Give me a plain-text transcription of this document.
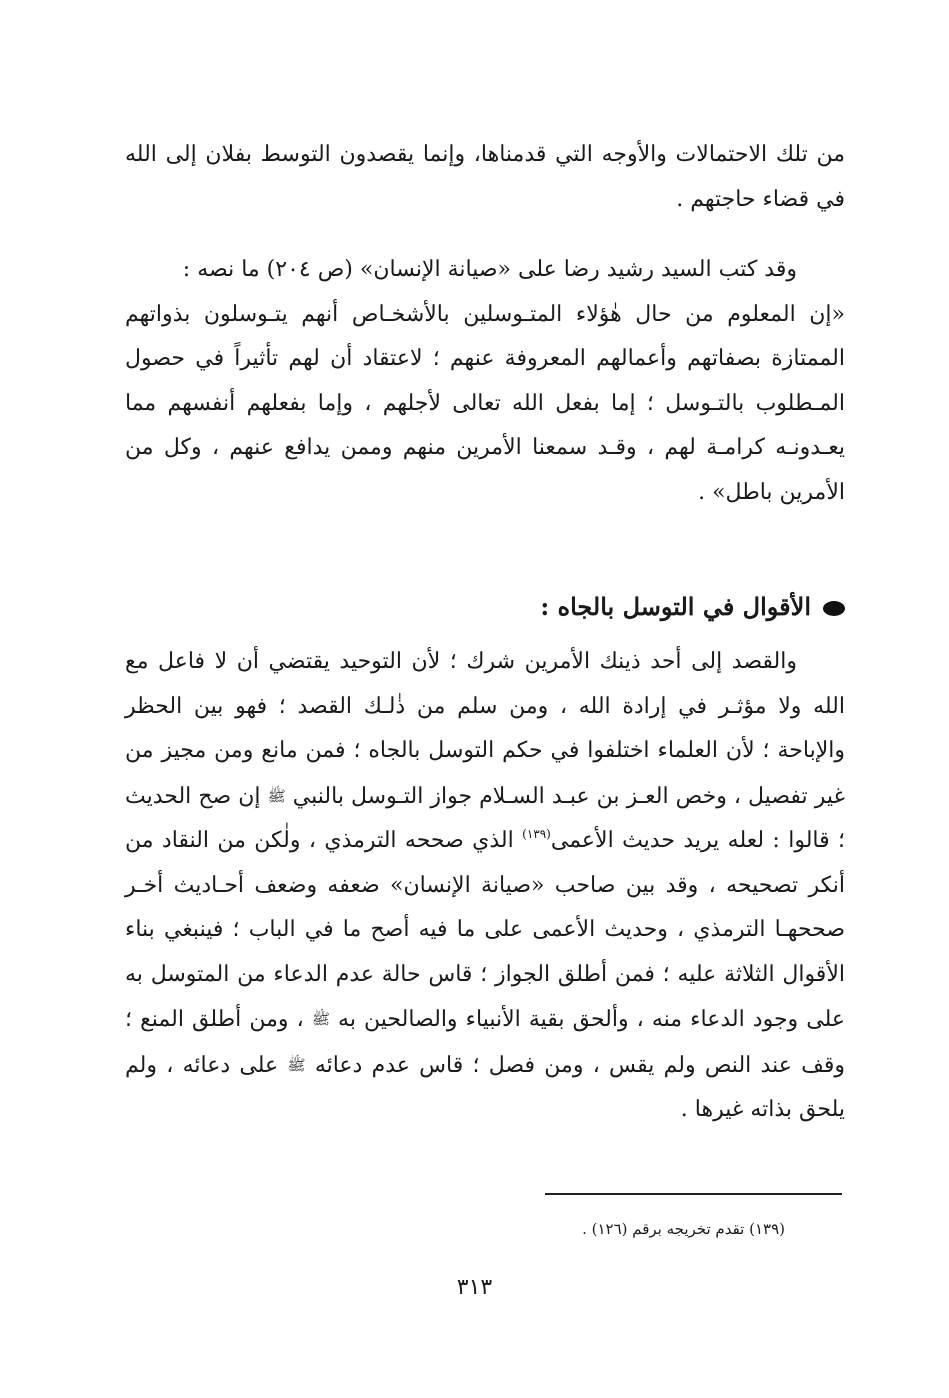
من تلك الاحتمالات والأوجه التي قدمناها، وإنما يقصدون التوسط بفلان إلى الله في قضاء حاجتهم .

وقد كتب السيد رشيد رضا على «صيانة الإنسان» (ص ٢٠٤) ما نصه :

«إن المعلوم من حال هٰؤلاء المتـوسلين بالأشخـاص أنهم يتـوسلون بذواتهم الممتازة بصفاتهم وأعمالهم المعروفة عنهم ؛ لاعتقاد أن لهم تأثيراً في حصول المـطلوب بالتـوسل ؛ إما بفعل الله تعالى لأجلهم ، وإما بفعلهم أنفسهم مما يعـدونـه كرامـة لهم ، وقـد سمعنا الأمرين منهم وممن يدافع عنهم ، وكل من الأمرين باطل» .

الأقوال في التوسل بالجاه :

والقصد إلى أحد ذينك الأمرين شرك ؛ لأن التوحيد يقتضي أن لا فاعل مع الله ولا مؤثـر في إرادة الله ، ومن سلم من ذٰلـك القصد ؛ فهو بين الحظر والإباحة ؛ لأن العلماء اختلفوا في حكم التوسل بالجاه ؛ فمن مانع ومن مجيز من غير تفصيل ، وخص العـز بن عبـد السـلام جواز التـوسل بالنبي ﷺ إن صح الحديث ؛ قالوا : لعله يريد حديث الأعمى$^{(١٣٩)}$ الذي صححه الترمذي ، ولٰكن من النقاد من أنكر تصحيحه ، وقد بين صاحب «صيانة الإنسان» ضعفه وضعف أحـاديث أخـر صححهـا الترمذي ، وحديث الأعمى على ما فيه أصح ما في الباب ؛ فينبغي بناء الأقوال الثلاثة عليه ؛ فمن أطلق الجواز ؛ قاس حالة عدم الدعاء من المتوسل به على وجود الدعاء منه ، وألحق بقية الأنبياء والصالحين به ﷺ ، ومن أطلق المنع ؛ وقف عند النص ولم يقس ، ومن فصل ؛ قاس عدم دعائه ﷺ على دعائه ، ولم يلحق بذاته غيرها .

(١٣٩) تقدم تخريجه برقم (١٢٦) .
٣١٣
